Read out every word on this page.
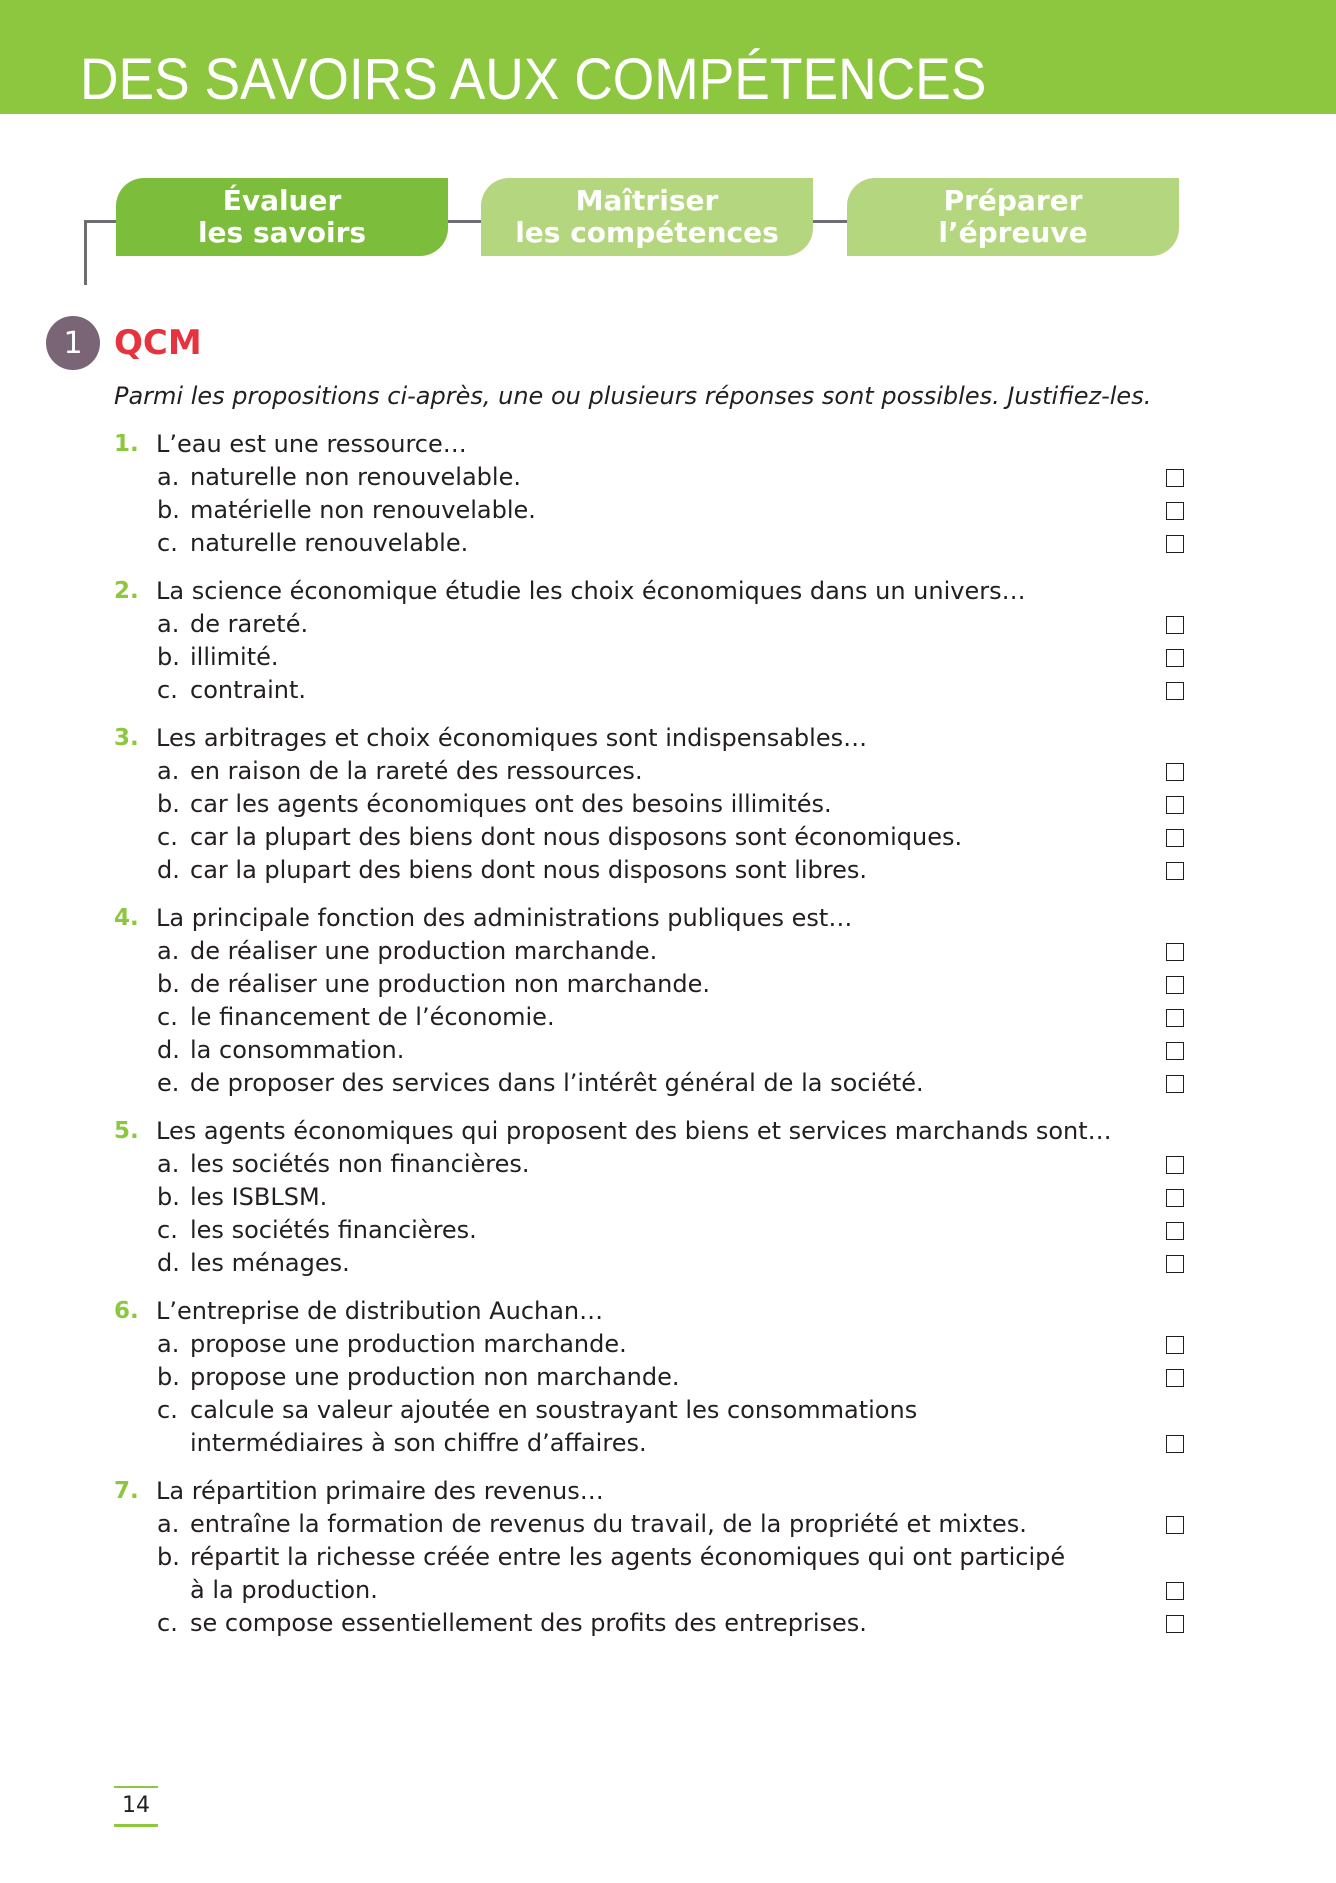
DES SAVOIRS AUX COMPÉTENCES
Évaluer
les savoirs
Maîtriser
les compétences
Préparer
l’épreuve
1 QCM
Parmi les propositions ci-après, une ou plusieurs réponses sont possibles. Justifiez-les.
1. L’eau est une ressource…
a. naturelle non renouvelable.
b. matérielle non renouvelable.
c. naturelle renouvelable.
2. La science économique étudie les choix économiques dans un univers…
a. de rareté.
b. illimité.
c. contraint.
3. Les arbitrages et choix économiques sont indispensables…
a. en raison de la rareté des ressources.
b. car les agents économiques ont des besoins illimités.
c. car la plupart des biens dont nous disposons sont économiques.
d. car la plupart des biens dont nous disposons sont libres.
4. La principale fonction des administrations publiques est…
a. de réaliser une production marchande.
b. de réaliser une production non marchande.
c. le financement de l’économie.
d. la consommation.
e. de proposer des services dans l’intérêt général de la société.
5. Les agents économiques qui proposent des biens et services marchands sont…
a. les sociétés non financières.
b. les ISBLSM.
c. les sociétés financières.
d. les ménages.
6. L’entreprise de distribution Auchan…
a. propose une production marchande.
b. propose une production non marchande.
c. calcule sa valeur ajoutée en soustrayant les consommations intermédiaires à son chiffre d’affaires.
7. La répartition primaire des revenus…
a. entraîne la formation de revenus du travail, de la propriété et mixtes.
b. répartit la richesse créée entre les agents économiques qui ont participé à la production.
c. se compose essentiellement des profits des entreprises.
14
